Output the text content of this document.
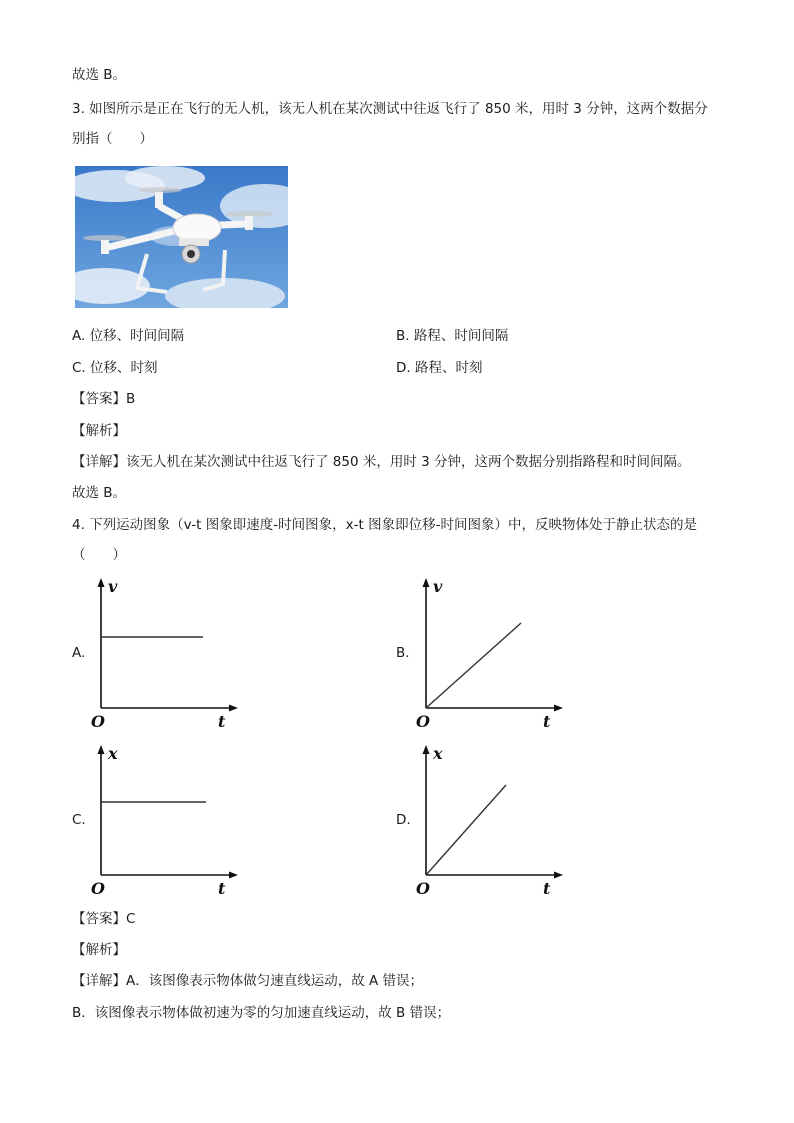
故选 B。
3. 如图所示是正在飞行的无人机，该无人机在某次测试中往返飞行了 850 米，用时 3 分钟，这两个数据分
别指（　　）
A. 位移、时间间隔	B. 路程、时间间隔
C. 位移、时刻	D. 路程、时刻
【答案】B
【解析】
【详解】该无人机在某次测试中往返飞行了 850 米，用时 3 分钟，这两个数据分别指路程和时间间隔。
故选 B。
4. 下列运动图象（v-t 图象即速度-时间图象，x-t 图象即位移-时间图象）中，反映物体处于静止状态的是
（　　）
A.	B.
C.	D.
v
O	t
v
O	t
x
O	t
x
O	t
【答案】C
【解析】
【详解】A．该图像表示物体做匀速直线运动，故 A 错误；
B．该图像表示物体做初速为零的匀加速直线运动，故 B 错误；
